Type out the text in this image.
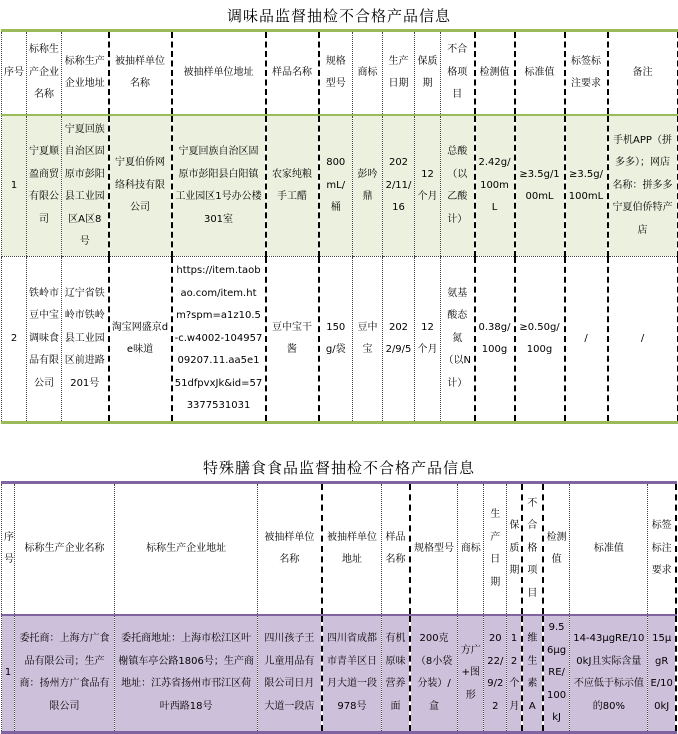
调味品监督抽检不合格产品信息
序号	标称生产企业名称	标称生产企业地址	被抽样单位名称	被抽样单位地址	样品名称	规格型号	商标	生产日期	保质期	不合格项目	检测值	标准值	标签标注要求	备注
1	宁夏顺盈商贸有限公司	宁夏回族自治区固原市彭阳县工业园区A区8号	宁夏伯侨网络科技有限公司	宁夏回族自治区固原市彭阳县白阳镇工业园区1号办公楼301室	农家纯粮手工醋	800mL/桶	彭吟鼎	2022/11/16	12个月	总酸（以乙酸计）	2.42g/100mL	≥3.5g/100mL	≥3.5g/100mL	手机APP（拼多多）；网店名称：拼多多宁夏伯侨特产店
2	铁岭市豆中宝调味食品有限公司	辽宁省铁岭市铁岭县工业园区前进路201号	淘宝网盛京de味道	https://item.taobao.com/item.htm?spm=a1z10.5-c.w4002-10495709207.11.aa5e151dfpvxJk&id=573377531031	豆中宝干酱	150g/袋	豆中宝	2022/9/5	12个月	氨基酸态氮（以N计）	0.38g/100g	≥0.50g/100g	/	/
特殊膳食食品监督抽检不合格产品信息
序号	标称生产企业名称	标称生产企业地址	被抽样单位名称	被抽样单位地址	样品名称	规格型号	商标	生产日期	保质期	不合格项目	检测值	标准值	标签标注要求
1	委托商：上海方广食品有限公司；生产商：扬州方广食品有限公司	委托商地址：上海市松江区叶榭镇车亭公路1806号；生产商地址：江苏省扬州市邗江区荷叶西路18号	四川孩子王儿童用品有限公司日月大道一段店	四川省成都市青羊区日月大道一段978号	有机原味营养面	200克（8小袋分装）/盒	方广+图形	2022/9/22	12个月	维生素A	9.56μgRE/100kJ	14-43μgRE/100kJ且实际含量不应低于标示值的80%	15μgRE/100kJ
